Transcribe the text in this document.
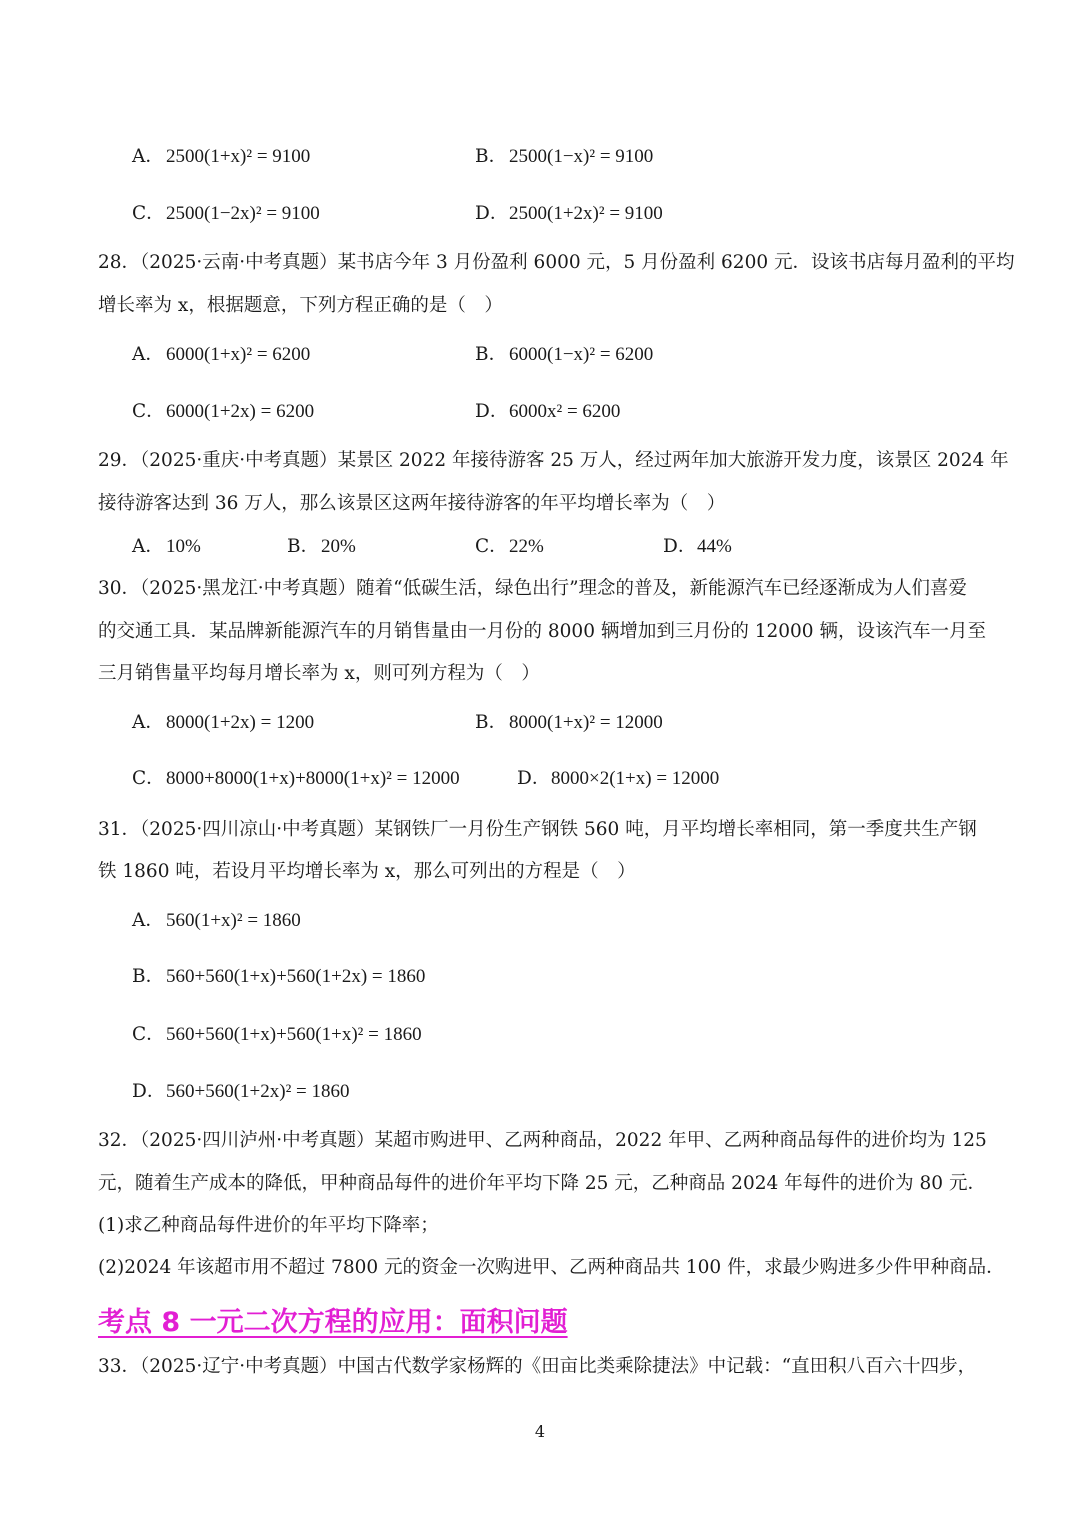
A． 2500(1+x)² = 9100	B．2500(1−x)² = 9100
C．2500(1−2x)² = 9100	D．2500(1+2x)² = 9100
28．（2025·云南·中考真题）某书店今年 3 月份盈利 6000 元，5 月份盈利 6200 元．设该书店每月盈利的平均
增长率为 x，根据题意，下列方程正确的是（　）
A． 6000(1+x)² = 6200	B．6000(1−x)² = 6200
C．6000(1+2x) = 6200	D．6000x² = 6200
29．（2025·重庆·中考真题）某景区 2022 年接待游客 25 万人，经过两年加大旅游开发力度，该景区 2024 年
接待游客达到 36 万人，那么该景区这两年接待游客的年平均增长率为（　）
A． 10%	B．20%	C．22%	D．44%
30．（2025·黑龙江·中考真题）随着“低碳生活，绿色出行”理念的普及，新能源汽车已经逐渐成为人们喜爱
的交通工具．某品牌新能源汽车的月销售量由一月份的 8000 辆增加到三月份的 12000 辆，设该汽车一月至
三月销售量平均每月增长率为 x，则可列方程为（　）
A． 8000(1+2x) = 1200	B．8000(1+x)² = 12000
C．8000+8000(1+x)+8000(1+x)² = 12000	D．8000×2(1+x) = 12000
31．（2025·四川凉山·中考真题）某钢铁厂一月份生产钢铁 560 吨，月平均增长率相同，第一季度共生产钢
铁 1860 吨，若设月平均增长率为 x，那么可列出的方程是（　）
A． 560(1+x)² = 1860
B．560+560(1+x)+560(1+2x) = 1860
C．560+560(1+x)+560(1+x)² = 1860
D．560+560(1+2x)² = 1860
32．（2025·四川泸州·中考真题）某超市购进甲、乙两种商品，2022 年甲、乙两种商品每件的进价均为 125
元，随着生产成本的降低，甲种商品每件的进价年平均下降 25 元，乙种商品 2024 年每件的进价为 80 元．
(1)求乙种商品每件进价的年平均下降率；
(2)2024 年该超市用不超过 7800 元的资金一次购进甲、乙两种商品共 100 件，求最少购进多少件甲种商品．
考点 8 一元二次方程的应用：面积问题
33．（2025·辽宁·中考真题）中国古代数学家杨辉的《田亩比类乘除捷法》中记载：“直田积八百六十四步，
4
